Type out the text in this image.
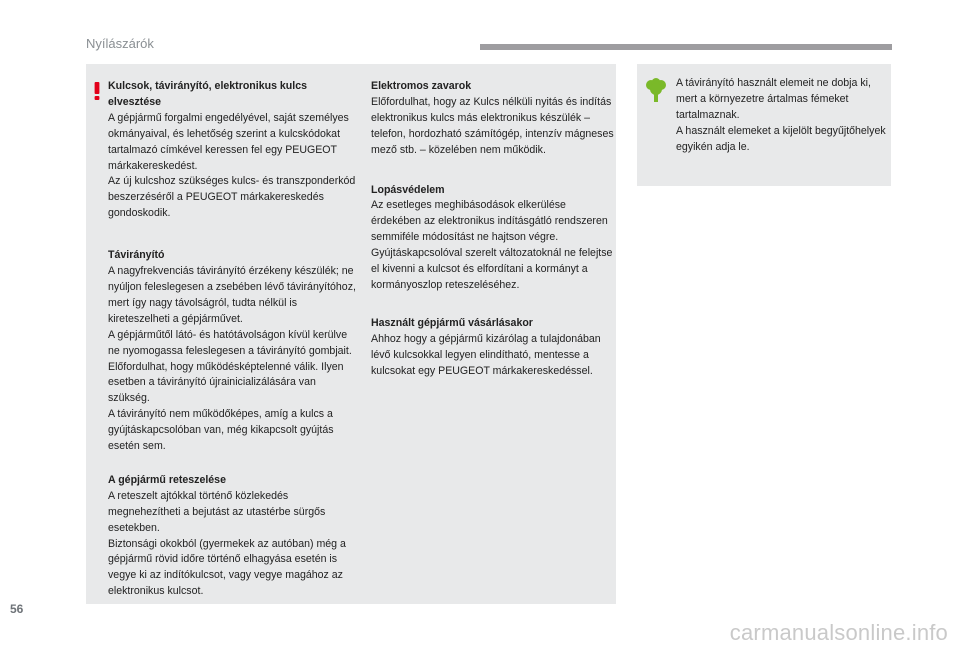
Nyílászárók
Kulcsok, távirányító, elektronikus kulcs elvesztése

A gépjármű forgalmi engedélyével, saját személyes okmányaival, és lehetőség szerint a kulcskódokat tartalmazó címkével keressen fel egy PEUGEOT márkakereskedést.

Az új kulcshoz szükséges kulcs- és transzponderkód beszerzéséről a PEUGEOT márkakereskedés gondoskodik.

Távirányító

A nagyfrekvenciás távirányító érzékeny készülék; ne nyúljon feleslegesen a zsebében lévő távirányítóhoz, mert így nagy távolságról, tudta nélkül is kireteszelheti a gépjárművet.

A gépjárműtől látó- és hatótávolságon kívül kerülve ne nyomogassa feleslegesen a távirányító gombjait. Előfordulhat, hogy működésképtelenné válik. Ilyen esetben a távirányító újrainicializálására van szükség.

A távirányító nem működőképes, amíg a kulcs a gyújtáskapcsolóban van, még kikapcsolt gyújtás esetén sem.

A gépjármű reteszelése

A reteszelt ajtókkal történő közlekedés megnehezítheti a bejutást az utastérbe sürgős esetekben.

Biztonsági okokból (gyermekek az autóban) még a gépjármű rövid időre történő elhagyása esetén is vegye ki az indítókulcsot, vagy vegye magához az elektronikus kulcsot.

Elektromos zavarok

Előfordulhat, hogy az Kulcs nélküli nyitás és indítás elektronikus kulcs más elektronikus készülék – telefon, hordozható számítógép, intenzív mágneses mező stb. – közelében nem működik.

Lopásvédelem

Az esetleges meghibásodások elkerülése érdekében az elektronikus indításgátló rendszeren semmiféle módosítást ne hajtson végre.

Gyújtáskapcsolóval szerelt változatoknál ne felejtse el kivenni a kulcsot és elfordítani a kormányt a kormányoszlop reteszeléséhez.

Használt gépjármű vásárlásakor

Ahhoz hogy a gépjármű kizárólag a tulajdonában lévő kulcsokkal legyen elindítható, mentesse a kulcsokat egy PEUGEOT márkakereskedéssel.

A távirányító használt elemeit ne dobja ki, mert a környezetre ártalmas fémeket tartalmaznak.

A használt elemeket a kijelölt begyűjtőhelyek egyikén adja le.

56
carmanualsonline.info
